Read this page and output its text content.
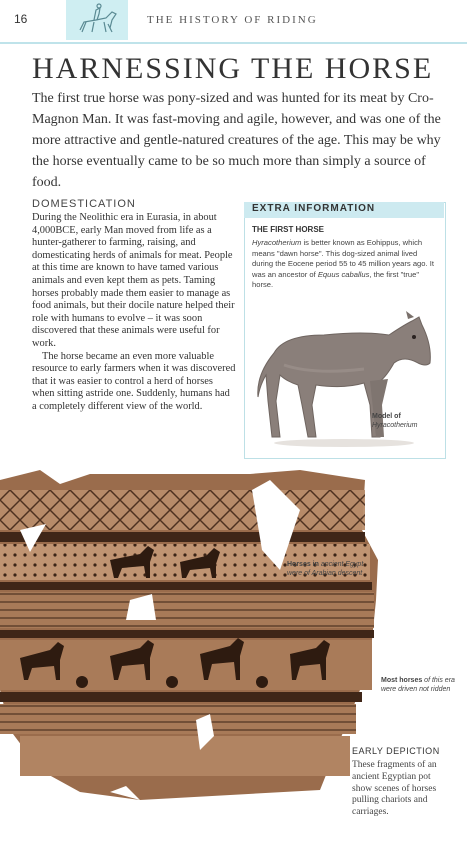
16	THE HISTORY OF RIDING
HARNESSING THE HORSE
The first true horse was pony-sized and was hunted for its meat by Cro-Magnon Man. It was fast-moving and agile, however, and was one of the more attractive and gentle-natured creatures of the age. This may be why the horse eventually came to be so much more than simply a source of food.
DOMESTICATION

During the Neolithic era in Eurasia, in about 4,000BCE, early Man moved from life as a hunter-gatherer to farming, raising, and domesticating herds of animals for meat. People at this time are known to have tamed various animals and even kept them as pets. Taming horses probably made them easier to manage as food animals, but their docile nature helped their role with humans to evolve – it was soon discovered that these animals were useful for work.

The horse became an even more valuable resource to early farmers when it was discovered that it was easier to control a herd of horses when sitting astride one. Suddenly, humans had a completely different view of the world.

EXTRA INFORMATION
THE FIRST HORSE
Hyracotherium is better known as Eohippus, which means "dawn horse". This dog-sized animal lived during the Eocene period 55 to 45 million years ago. It was an ancestor of Equus caballus, the first "true" horse.
Model of
Hyracotherium
Horses in ancient Egypt were of Arabian descent
Most horses of this era were driven not ridden
EARLY DEPICTION
These fragments of an ancient Egyptian pot show scenes of horses pulling chariots and carriages.
